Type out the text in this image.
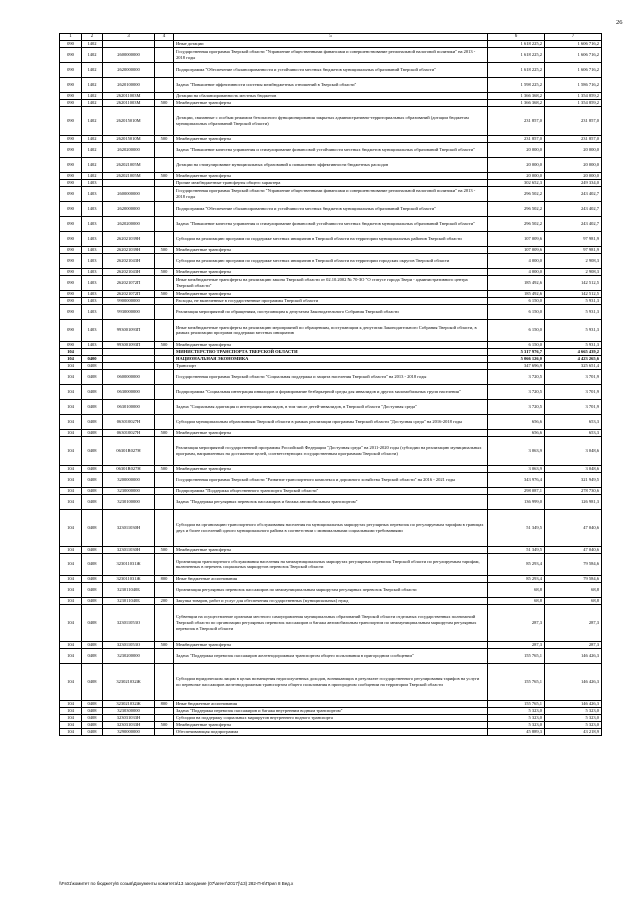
26
1	2	3	4	5	6	7
090	1402			Иные дотации	1 618 225,2	1 606 716,2
090	1402	2600000000		Государственная программа Тверской области "Управление общественными финансами и совершенствование региональной налоговой политики" на 2013 - 2018 годы	1 618 225,2	1 606 716,2
090	1402	2620000000		Подпрограмма "Обеспечение сбалансированности и устойчивости местных бюджетов муниципальных образований Тверской области"	1 618 225,2	1 606 716,2
090	1402	2620100000		Задача "Повышение эффективности системы межбюджетных отношений в Тверской области"	1 598 225,2	1 586 716,2
090	1402	262011003М		Дотации на сбалансированность местных бюджетов	1 366 368,2	1 354 859,2
090	1402	262011003М	500	Межбюджетные трансферты	1 366 368,2	1 354 859,2
090	1402	262015010М		Дотации, связанные с особым режимом безопасного функционирования закрытых административно-территориальных образований (дотации бюджетам муниципальных образований Тверской области)	231 857,0	231 857,0
090	1402	262015010М	500	Межбюджетные трансферты	231 857,0	231 857,0
090	1402	2620200000		Задача "Повышение качества управления и стимулирование финансовой устойчивости местных бюджетов муниципальных образований Тверской области"	20 000,0	20 000,0
090	1402	262021005М		Дотации на стимулирование муниципальных образований к повышению эффективности бюджетных расходов	20 000,0	20 000,0
090	1402	262021005М	500	Межбюджетные трансферты	20 000,0	20 000,0
090	1403			Прочие межбюджетные трансферты общего характера	302 652,3	249 334,0
090	1403	2600000000		Государственная программа Тверской области "Управление общественными финансами и совершенствование региональной налоговой политики" на 2013 - 2018 годы	296 502,2	243 402,7
090	1403	2620000000		Подпрограмма "Обеспечение сбалансированности и устойчивости местных бюджетов муниципальных образований Тверской области"	296 502,2	243 402,7
090	1403	2620200000		Задача "Повышение качества управления и стимулирование финансовой устойчивости местных бюджетов муниципальных образований Тверской области"	296 502,2	243 402,7
090	1403	262021039Н		Субсидии на реализацию программ по поддержке местных инициатив в Тверской области на территории муниципальных районов Тверской области	107 009,6	97 981,9
090	1403	262021039Н	500	Межбюджетные трансферты	107 009,6	97 981,9
090	1403	262021043Н		Субсидии на реализацию программ по поддержке местных инициатив в Тверской области на территории городских округов Тверской области	4 000,0	2 908,3
090	1403	262021043Н	500	Межбюджетные трансферты	4 000,0	2 908,3
090	1403	262021072П		Иные межбюджетные трансферты на реализацию закона Тверской области от 02.10.2002 № 70-ЗО "О статусе города Твери - административного центра Тверской области"	185 492,6	142 512,5
090	1403	262021072П	500	Межбюджетные трансферты	185 492,6	142 512,5
090	1403	9900000000		Расходы, не включенные в государственные программы Тверской области	6 150,0	5 931,3
090	1403	9930000000		Реализация мероприятий по обращениям, поступающим к депутатам Законодательного Собрания Тверской области	6 150,0	5 931,3
090	1403	993001093П		Иные межбюджетные трансферты на реализацию мероприятий по обращениям, поступающим к депутатам Законодательного Собрания Тверской области, в рамках реализации программ поддержки местных инициатив	6 150,0	5 931,3
090	1403	993001093П	500	Межбюджетные трансферты	6 150,0	5 931,3
104				МИНИСТЕРСТВО ТРАНСПОРТА ТВЕРСКОЙ ОБЛАСТИ	5 317 976,7	4 665 439,2
104	0400			НАЦИОНАЛЬНАЯ ЭКОНОМИКА	5 066 126,0	4 423 265,6
104	0408			Транспорт	347 696,9	325 651,4
104	0408	0600000000		Государственная программа Тверской области "Социальная поддержка и защита населения Тверской области" на 2013 - 2018 годы	3 720,5	3 701,9
104	0408	0630000000		Подпрограмма "Социальная интеграция инвалидов и формирование безбарьерной среды для инвалидов и других маломобильных групп населения"	3 720,5	3 701,9
104	0408	0630100000		Задача "Социальная адаптация и интеграция инвалидов, в том числе детей-инвалидов, в Тверской области "Доступная среда"	3 720,5	3 701,9
104	0408	063010027Н		Субсидии муниципальным образованиям Тверской области в рамках реализации программы Тверской области "Доступная среда" на 2016-2018 годы	656,6	653,3
104	0408	063010027Н	500	Межбюджетные трансферты	656,6	653,3
104	0408	06301R027Н		Реализация мероприятий государственной программы Российской Федерации "Доступная среда" на 2011-2020 годы (субсидии на реализацию муниципальных программ, направленных на достижение целей, соответствующих государственным программам Тверской области)	3 063,9	3 048,6
104	0408	06301R027Н	500	Межбюджетные трансферты	3 063,9	3 048,6
104	0408	3200000000		Государственная программа Тверской области "Развитие транспортного комплекса и дорожного хозяйства Тверской области" на 2016 - 2021 годы	343 976,4	321 949,5
104	0408	3230000000		Подпрограмма "Поддержка общественного транспорта Тверской области"	298 087,1	278 730,6
104	0408	3230100000		Задача "Поддержка регулярных перевозок пассажиров и багажа автомобильным транспортом"	136 999,0	126 981,3
104	0408	323011030Н		Субсидии на организацию транспортного обслуживания населения на муниципальных маршрутах регулярных перевозок по регулируемым тарифам в границах двух и более поселений одного муниципального района в соответствии с минимальными социальными требованиями	51 349,5	47 040,6
104	0408	323011030Н	500	Межбюджетные трансферты	51 349,5	47 040,6
104	0408	323011031Ж		Организация транспортного обслуживания населения на межмуниципальных маршрутах регулярных перевозок Тверской области по регулируемым тарифам, включенных в перечень социальных маршрутов перевозок Тверской области	85 293,4	79 584,6
104	0408	323011031Ж	800	Иные бюджетные ассигнования	85 293,4	79 584,6
104	0408	323011040Б		Организация регулярных перевозок пассажиров по межмуниципальным маршрутам регулярных перевозок Тверской области	68,8	68,8
104	0408	323011040Б	200	Закупка товаров, работ и услуг для обеспечения государственных (муниципальных) нужд	68,8	68,8
104	0408	323011053О		Субвенции на осуществление органами местного самоуправления муниципальных образований Тверской области отдельных государственных полномочий Тверской области по организации регулярных перевозок пассажиров и багажа автомобильным транспортом по межмуниципальным маршрутам регулярных перевозок в Тверской области	287,3	287,3
104	0408	323011053О	500	Межбюджетные трансферты	287,3	287,3
104	0408	3230200000		Задача "Поддержка перевозок пассажиров железнодорожным транспортом общего пользования в пригородном сообщении"	155 765,1	146 426,3
104	0408	323021032Ж		Субсидии юридическим лицам в целях возмещения недополученных доходов, возникающих в результате государственного регулирования тарифов на услуги по перевозке пассажиров железнодорожным транспортом общего пользования в пригородном сообщении на территории Тверской области	155 765,1	146 426,3
104	0408	323021032Ж	800	Иные бюджетные ассигнования	155 765,1	146 426,3
104	0408	3230300000		Задача "Поддержка перевозок пассажиров и багажа внутренним водным транспортом"	5 323,0	5 323,0
104	0408	323031033Н		Субсидии на поддержку социальных маршрутов внутреннего водного транспорта	5 323,0	5 323,0
104	0408	323031033Н	500	Межбюджетные трансферты	5 323,0	5 323,0
104	0408	3290000000		Обеспечивающая подпрограмма	45 889,3	43 218,9
\\Fs01\комитет по бюджету\6 созыв\Документы комитета\13 заседание (07\агент\2017)\13) 282-П-6\Прил 8 Вед.x
